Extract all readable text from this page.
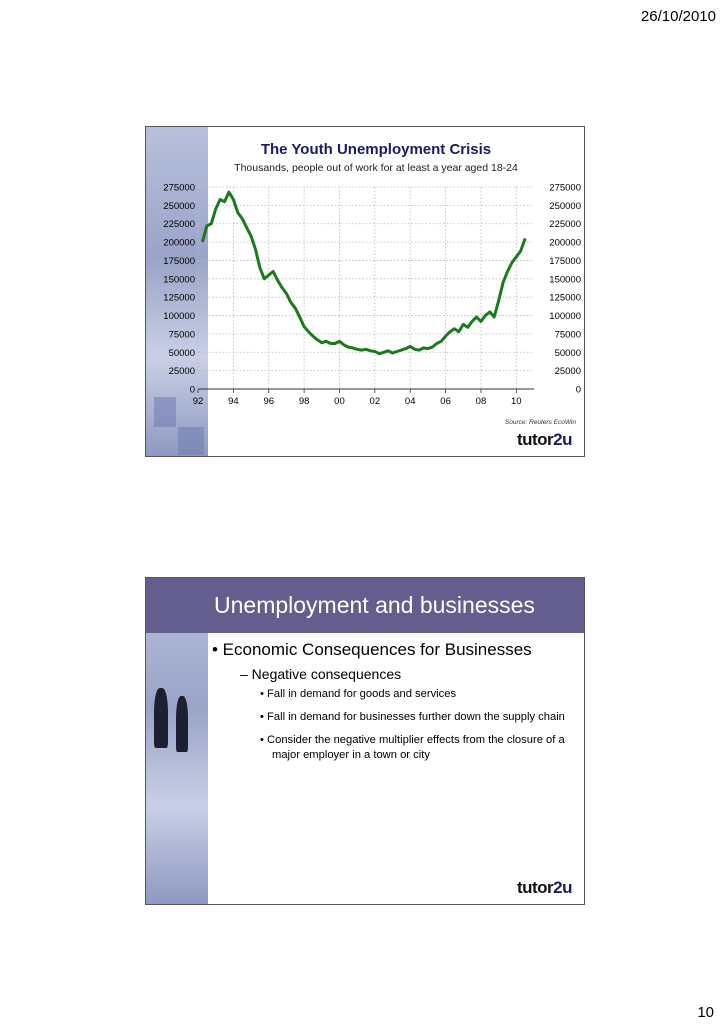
26/10/2010
The Youth Unemployment Crisis
Thousands, people out of work for at least a year aged 18-24
0	0
25000	25000
50000	50000
75000	75000
100000	100000
125000	125000
150000	150000
175000	175000
200000	200000
225000	225000
250000	250000
275000	275000
92	94	96	98	00	02	04	06	08	10
Source: Reuters EcoWin
tutor2u
Unemployment and businesses
• Economic Consequences for Businesses
– Negative consequences
• Fall in demand for goods and services
• Fall in demand for businesses further down the supply chain
• Consider the negative multiplier effects from the closure of a major employer in a town or city
tutor2u
10
